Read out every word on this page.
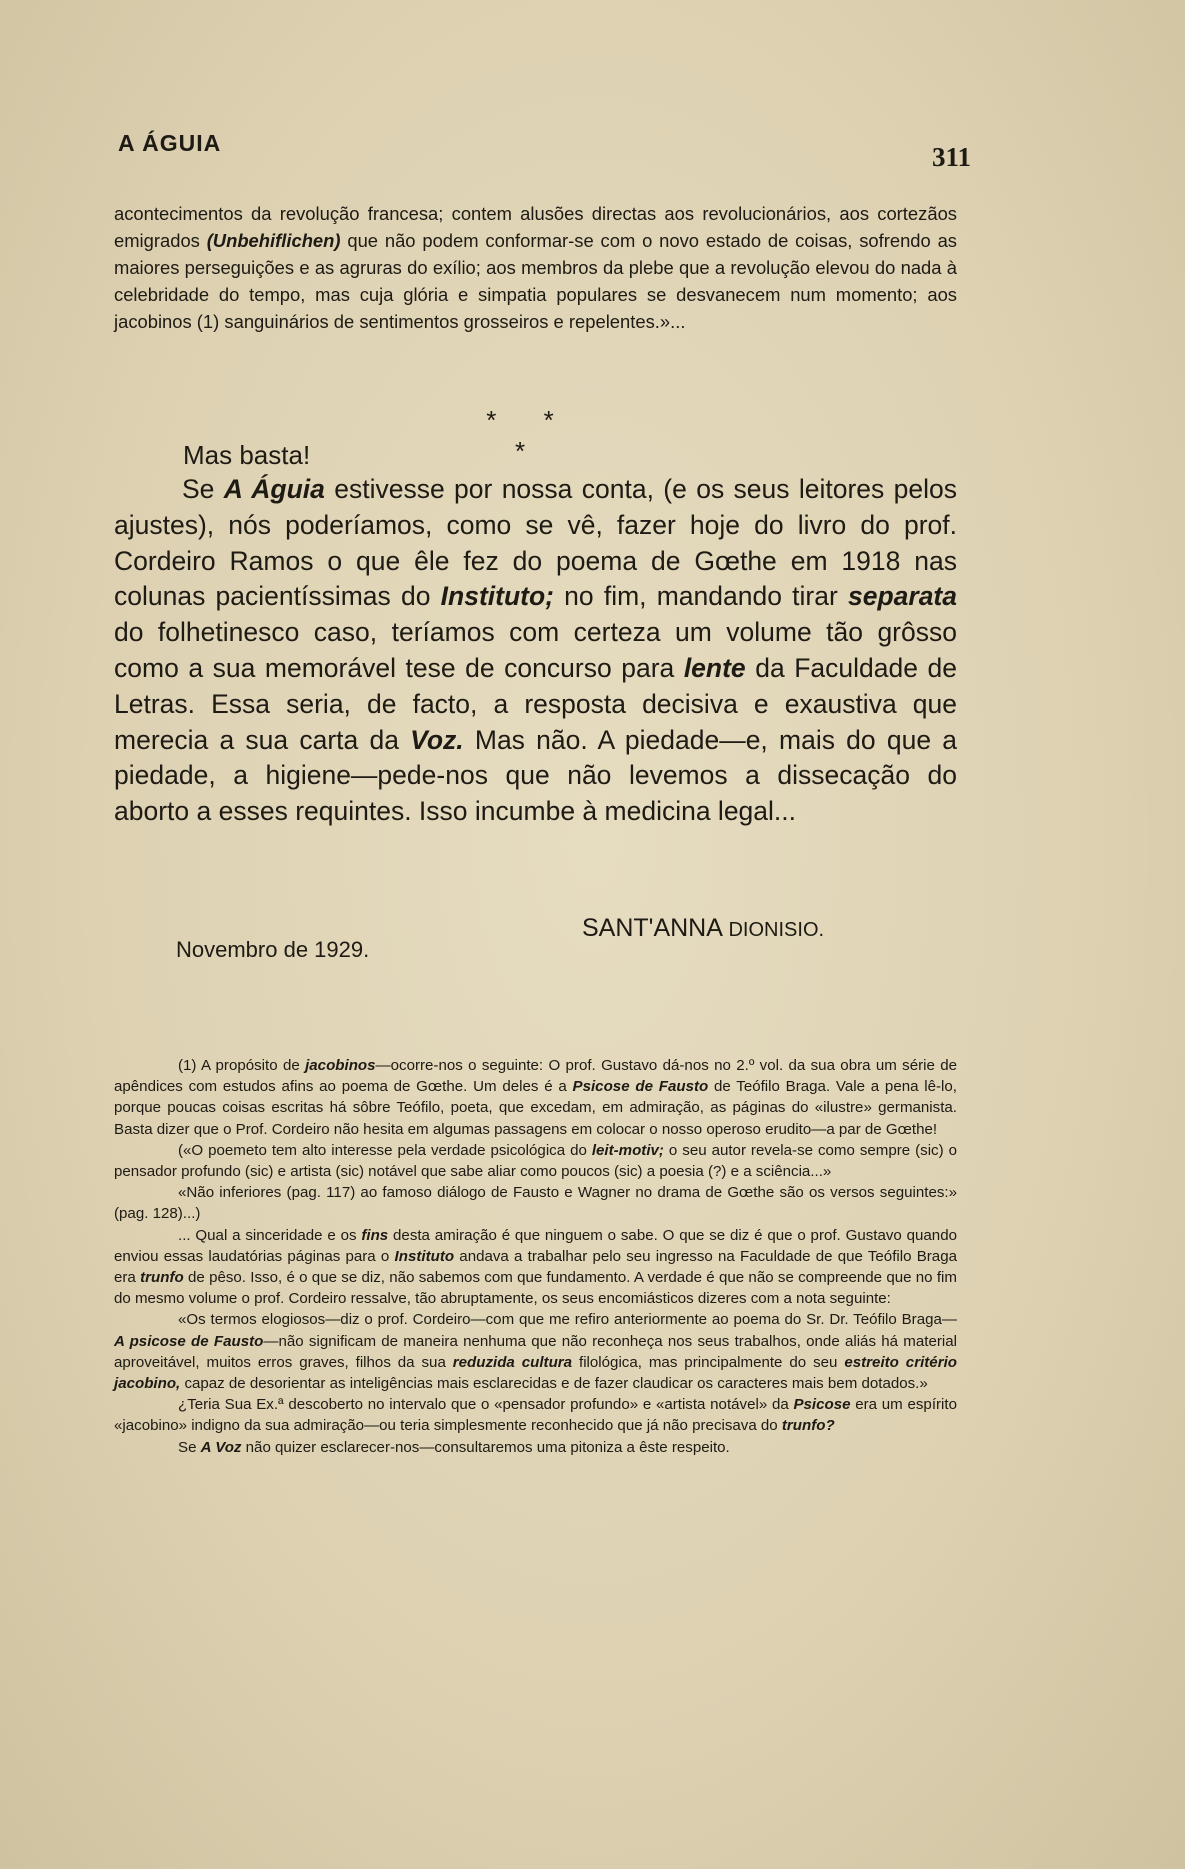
A ÁGUIA	311

acontecimentos da revolução francesa; contem alusões directas aos revolucionários, aos cortezãos emigrados (Unbehiflichen) que não podem conformar-se com o novo estado de coisas, sofrendo as maiores perseguições e as agruras do exílio; aos membros da plebe que a revolução elevou do nada à celebridade do tempo, mas cuja glória e simpatia populares se desvanecem num momento; aos jacobinos (1) sanguinários de sentimentos grosseiros e repelentes.»...

* * *
Mas basta!

Se A Águia estivesse por nossa conta, (e os seus leitores pelos ajustes), nós poderíamos, como se vê, fazer hoje do livro do prof. Cordeiro Ramos o que êle fez do poema de Gœthe em 1918 nas colunas pacientíssimas do Instituto; no fim, mandando tirar separata do folhetinesco caso, teríamos com certeza um volume tão grôsso como a sua memorável tese de concurso para lente da Faculdade de Letras. Essa seria, de facto, a resposta decisiva e exaustiva que merecia a sua carta da Voz. Mas não. A piedade—e, mais do que a piedade, a higiene—pede-nos que não levemos a dissecação do aborto a esses requintes. Isso incumbe à medicina legal...

Novembro de 1929.
SANT'ANNA DIONISIO.

(1) A propósito de jacobinos—ocorre-nos o seguinte: O prof. Gustavo dá-nos no 2.º vol. da sua obra um série de apêndices com estudos afins ao poema de Gœthe. Um deles é a Psicose de Fausto de Teófilo Braga. Vale a pena lê-lo, porque poucas coisas escritas há sôbre Teófilo, poeta, que excedam, em admiração, as páginas do «ilustre» germanista. Basta dizer que o Prof. Cordeiro não hesita em algumas passagens em colocar o nosso operoso erudito—a par de Gœthe!

(«O poemeto tem alto interesse pela verdade psicológica do leit-motiv; o seu autor revela-se como sempre (sic) o pensador profundo (sic) e artista (sic) notável que sabe aliar como poucos (sic) a poesia (?) e a sciência...»

«Não inferiores (pag. 117) ao famoso diálogo de Fausto e Wagner no drama de Gœthe são os versos seguintes:» (pag. 128)...)

... Qual a sinceridade e os fins desta amiração é que ninguem o sabe. O que se diz é que o prof. Gustavo quando enviou essas laudatórias páginas para o Instituto andava a trabalhar pelo seu ingresso na Faculdade de que Teófilo Braga era trunfo de pêso. Isso, é o que se diz, não sabemos com que fundamento. A verdade é que não se compreende que no fim do mesmo volume o prof. Cordeiro ressalve, tão abruptamente, os seus encomiásticos dizeres com a nota seguinte:

«Os termos elogiosos—diz o prof. Cordeiro—com que me refiro anteriormente ao poema do Sr. Dr. Teófilo Braga—A psicose de Fausto—não significam de maneira nenhuma que não reconheça nos seus trabalhos, onde aliás há material aproveitável, muitos erros graves, filhos da sua reduzida cultura filológica, mas principalmente do seu estreito critério jacobino, capaz de desorientar as inteligências mais esclarecidas e de fazer claudicar os caracteres mais bem dotados.»

¿Teria Sua Ex.ª descoberto no intervalo que o «pensador profundo» e «artista notável» da Psicose era um espírito «jacobino» indigno da sua admiração—ou teria simplesmente reconhecido que já não precisava do trunfo?

Se A Voz não quizer esclarecer-nos—consultaremos uma pitoniza a êste respeito.
